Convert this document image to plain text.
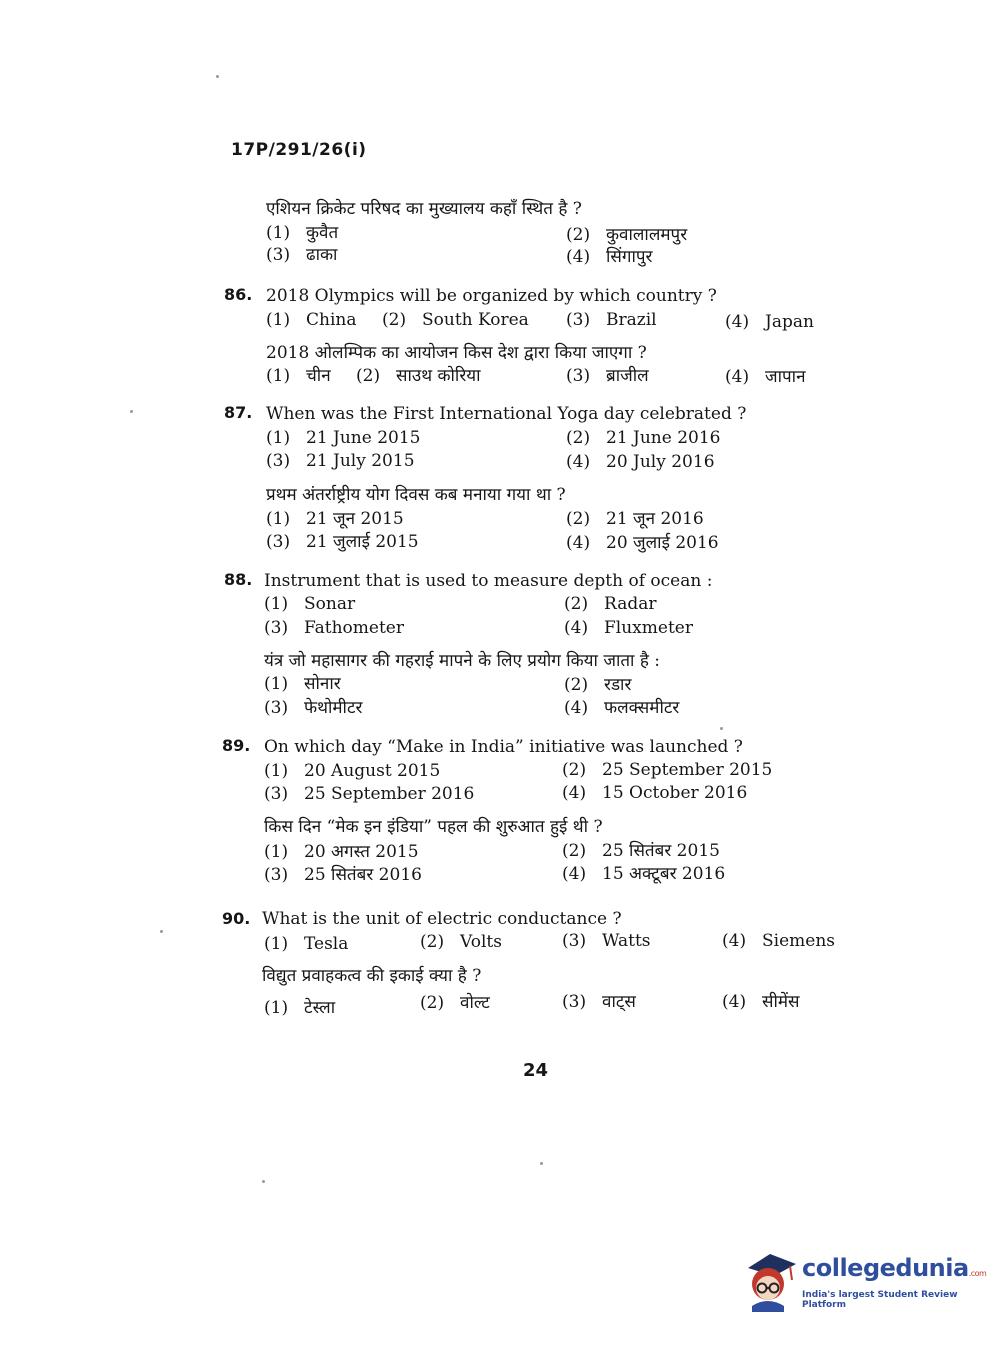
17P/291/26(i)
एशियन क्रिकेट परिषद का मुख्यालय कहाँ स्थित है ?
(1) कुवैत	(2) कुवालालमपुर
(3) ढाका	(4) सिंगापुर
86. 2018 Olympics will be organized by which country ?
(1) China (2) South Korea (3) Brazil	(4) Japan
2018 ओलम्पिक का आयोजन किस देश द्वारा किया जाएगा ?
(1) चीन (2) साउथ कोरिया	(3) ब्राजील	(4) जापान
87. When was the First International Yoga day celebrated ?
(1) 21 June 2015	(2) 21 June 2016
(3) 21 July 2015	(4) 20 July 2016
प्रथम अंतर्राष्ट्रीय योग दिवस कब मनाया गया था ?
(1) 21 जून 2015	(2) 21 जून 2016
(3) 21 जुलाई 2015	(4) 20 जुलाई 2016
88. Instrument that is used to measure depth of ocean :
(1) Sonar	(2) Radar
(3) Fathometer	(4) Fluxmeter
यंत्र जो महासागर की गहराई मापने के लिए प्रयोग किया जाता है :
(1) सोनार	(2) रडार
(3) फेथोमीटर	(4) फलक्समीटर
89. On which day “Make in India” initiative was launched ?
(1) 20 August 2015	(2) 25 September 2015
(3) 25 September 2016	(4) 15 October 2016
किस दिन “मेक इन इंडिया” पहल की शुरुआत हुई थी ?
(1) 20 अगस्त 2015	(2) 25 सितंबर 2015
(3) 25 सितंबर 2016	(4) 15 अक्टूबर 2016
90. What is the unit of electric conductance ?
(1) Tesla	(2) Volts	(3) Watts	(4) Siemens
विद्युत प्रवाहकत्व की इकाई क्या है ?
(1) टेस्ला	(2) वोल्ट	(3) वाट्स	(4) सीमेंस
24
collegedunia.com
India's largest Student Review Platform
